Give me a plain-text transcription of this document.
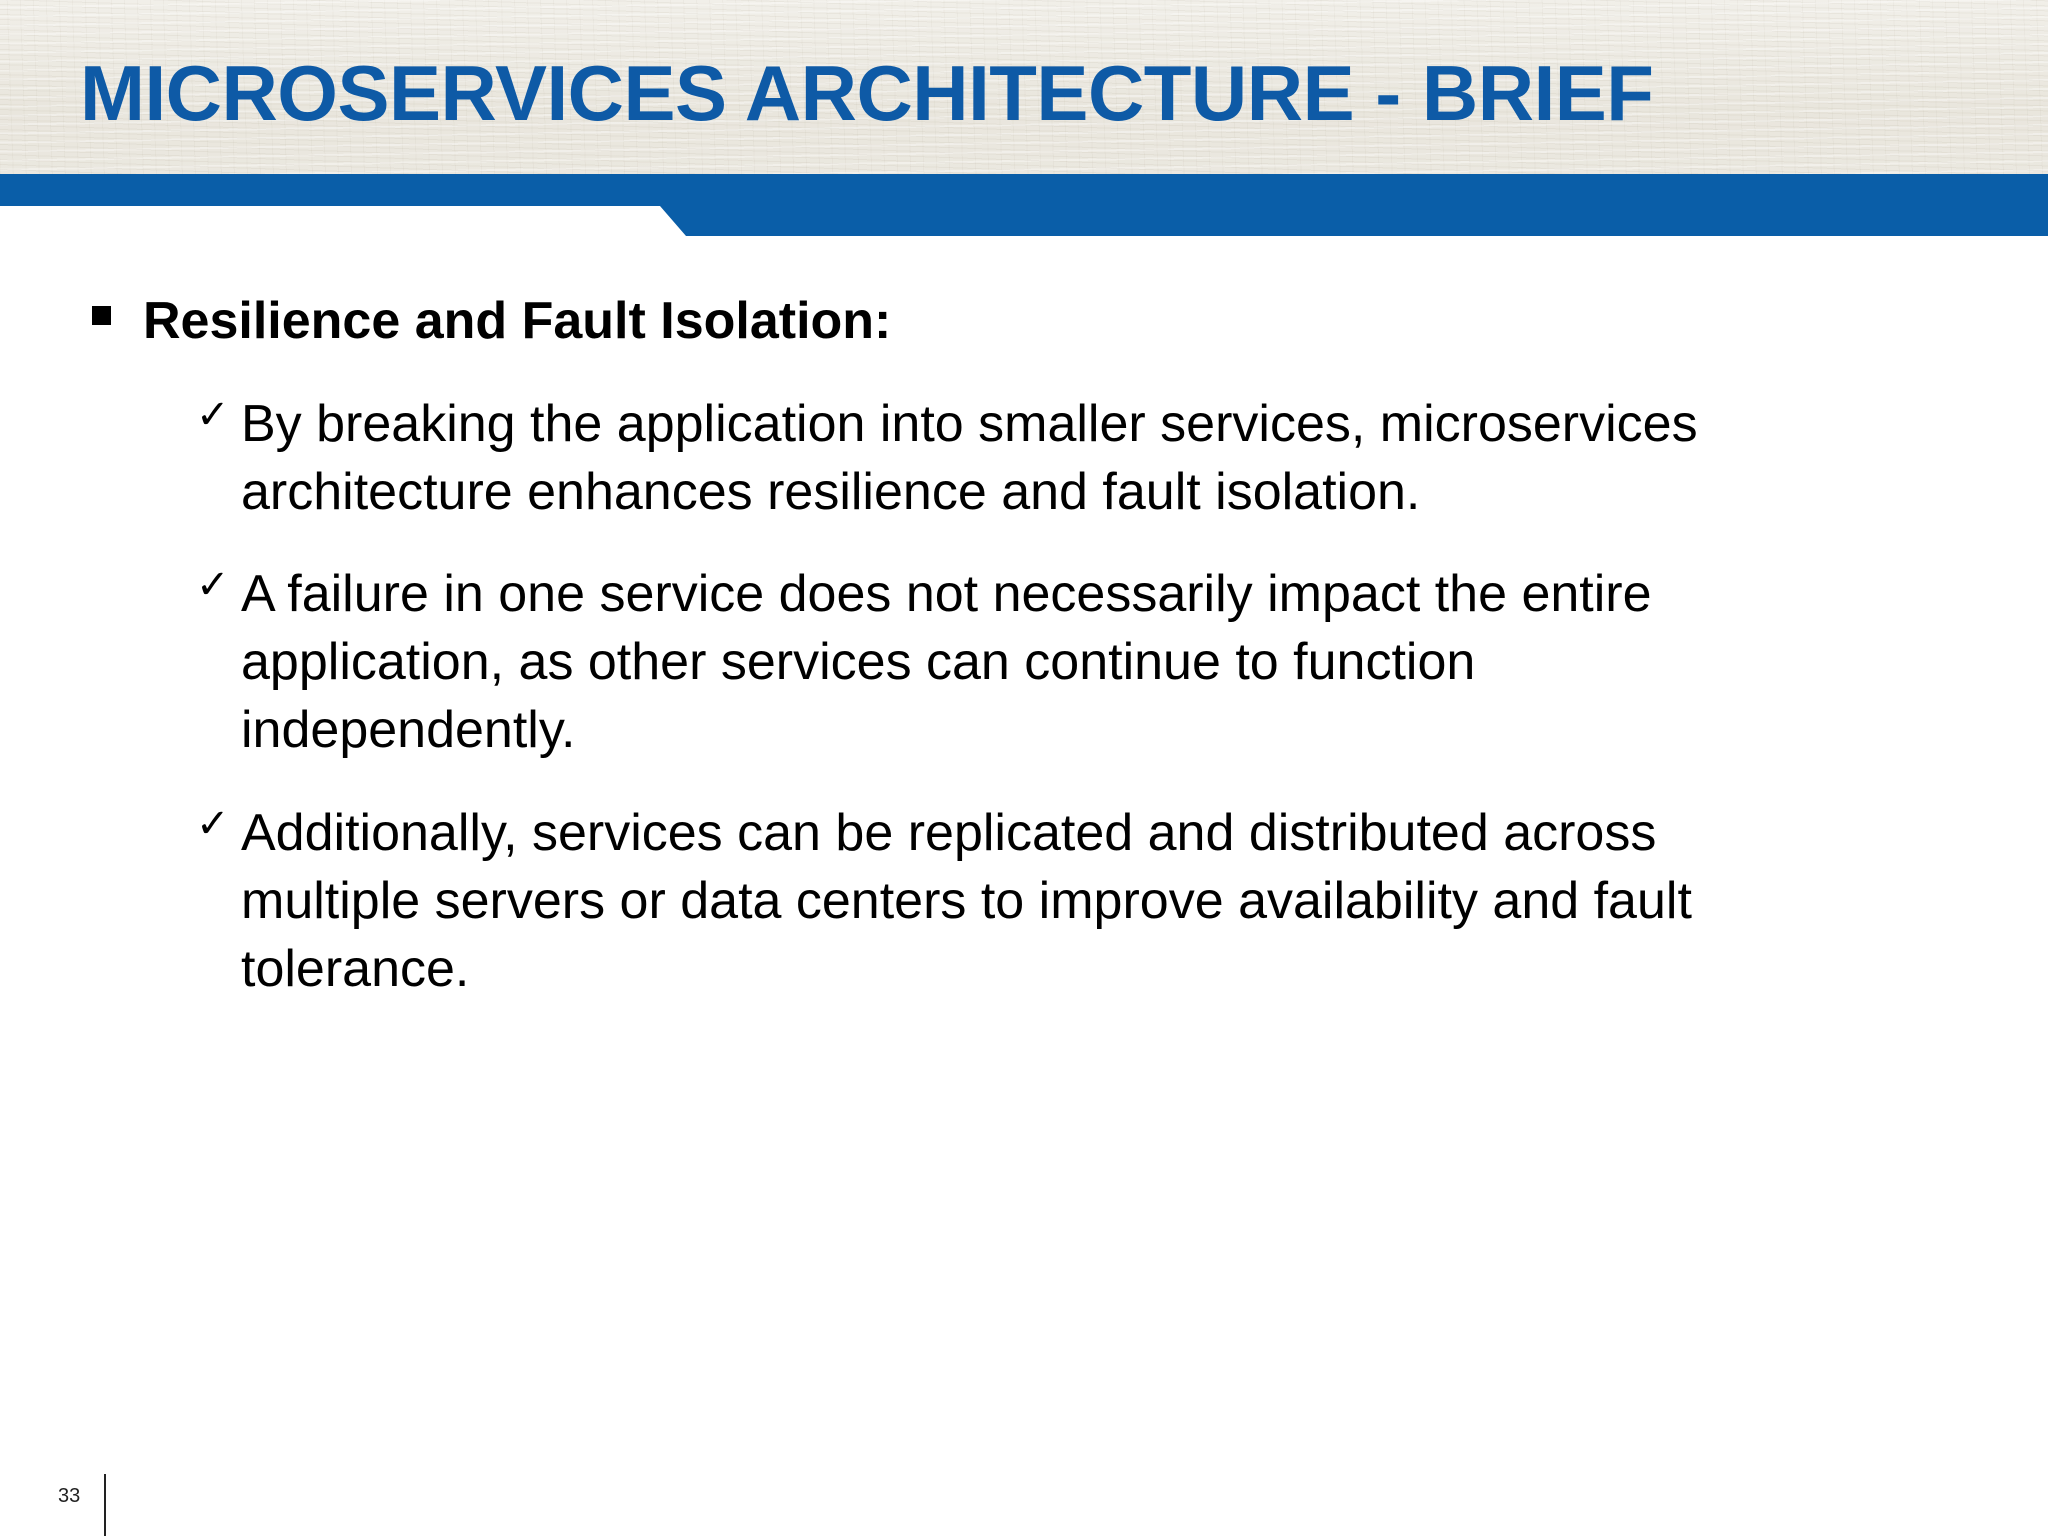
MICROSERVICES ARCHITECTURE - BRIEF
Resilience and Fault Isolation:
✓ By breaking the application into smaller services, microservices
architecture enhances resilience and fault isolation.
✓ A failure in one service does not necessarily impact the entire
application, as other services can continue to function
independently.
✓ Additionally, services can be replicated and distributed across
multiple servers or data centers to improve availability and fault
tolerance.
33
